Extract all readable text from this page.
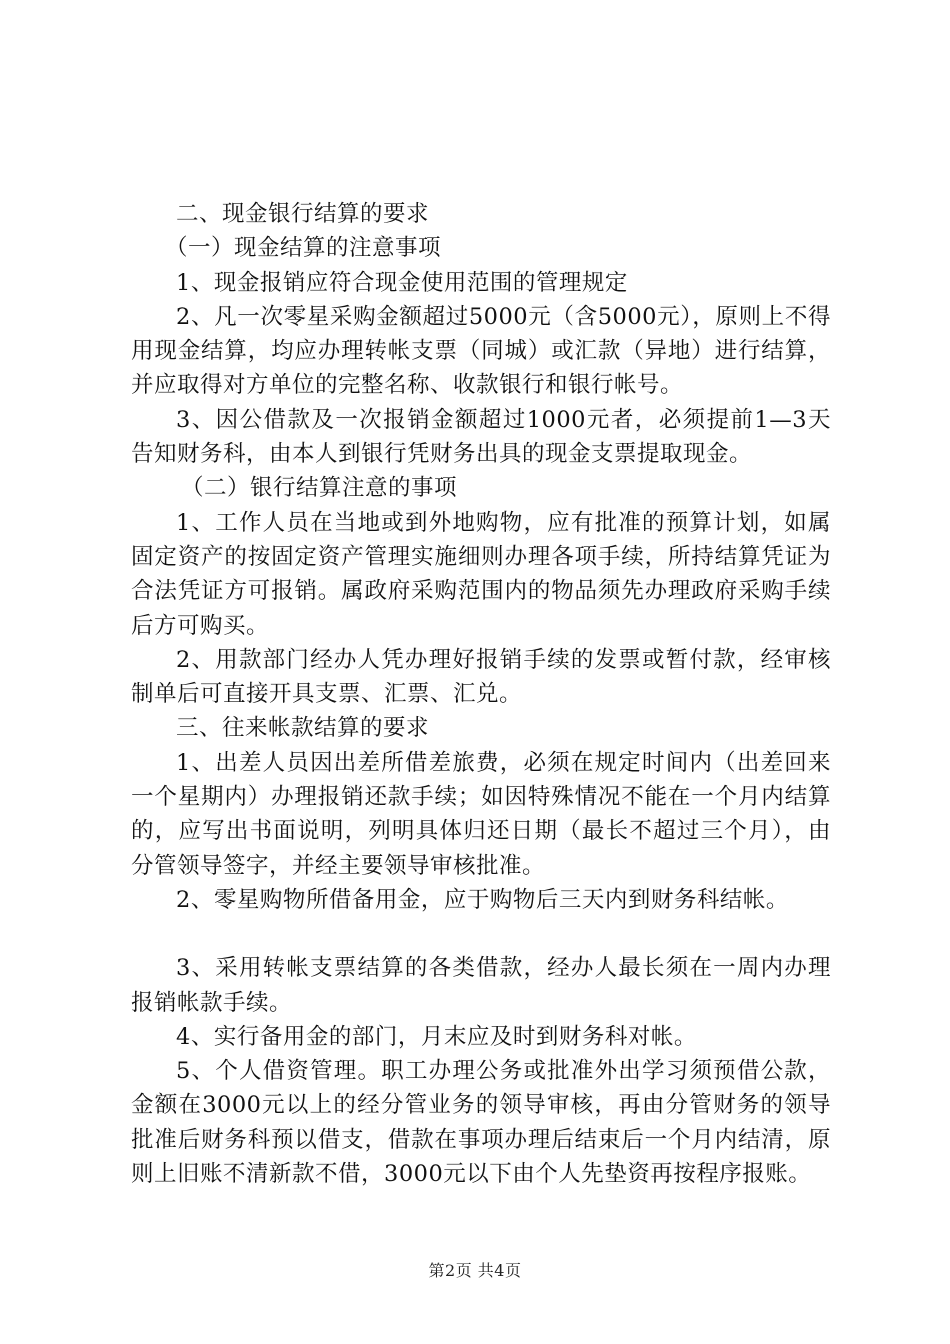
二、现金银行结算的要求

（一）现金结算的注意事项

1、现金报销应符合现金使用范围的管理规定

2、凡一次零星采购金额超过5000元（含5000元），原则上不得用现金结算，均应办理转帐支票（同城）或汇款（异地）进行结算，并应取得对方单位的完整名称、收款银行和银行帐号。

3、因公借款及一次报销金额超过1000元者，必须提前1—3天告知财务科，由本人到银行凭财务出具的现金支票提取现金。

（二）银行结算注意的事项

1、工作人员在当地或到外地购物，应有批准的预算计划，如属固定资产的按固定资产管理实施细则办理各项手续，所持结算凭证为合法凭证方可报销。属政府采购范围内的物品须先办理政府采购手续后方可购买。

2、用款部门经办人凭办理好报销手续的发票或暂付款，经审核制单后可直接开具支票、汇票、汇兑。

三、往来帐款结算的要求

1、出差人员因出差所借差旅费，必须在规定时间内（出差回来一个星期内）办理报销还款手续；如因特殊情况不能在一个月内结算的，应写出书面说明，列明具体归还日期（最长不超过三个月），由分管领导签字，并经主要领导审核批准。

2、零星购物所借备用金，应于购物后三天内到财务科结帐。

3、采用转帐支票结算的各类借款，经办人最长须在一周内办理报销帐款手续。

4、实行备用金的部门，月末应及时到财务科对帐。

5、个人借资管理。职工办理公务或批准外出学习须预借公款，金额在3000元以上的经分管业务的领导审核，再由分管财务的领导批准后财务科预以借支，借款在事项办理后结束后一个月内结清，原则上旧账不清新款不借，3000元以下由个人先垫资再按程序报账。

第2页 共4页
